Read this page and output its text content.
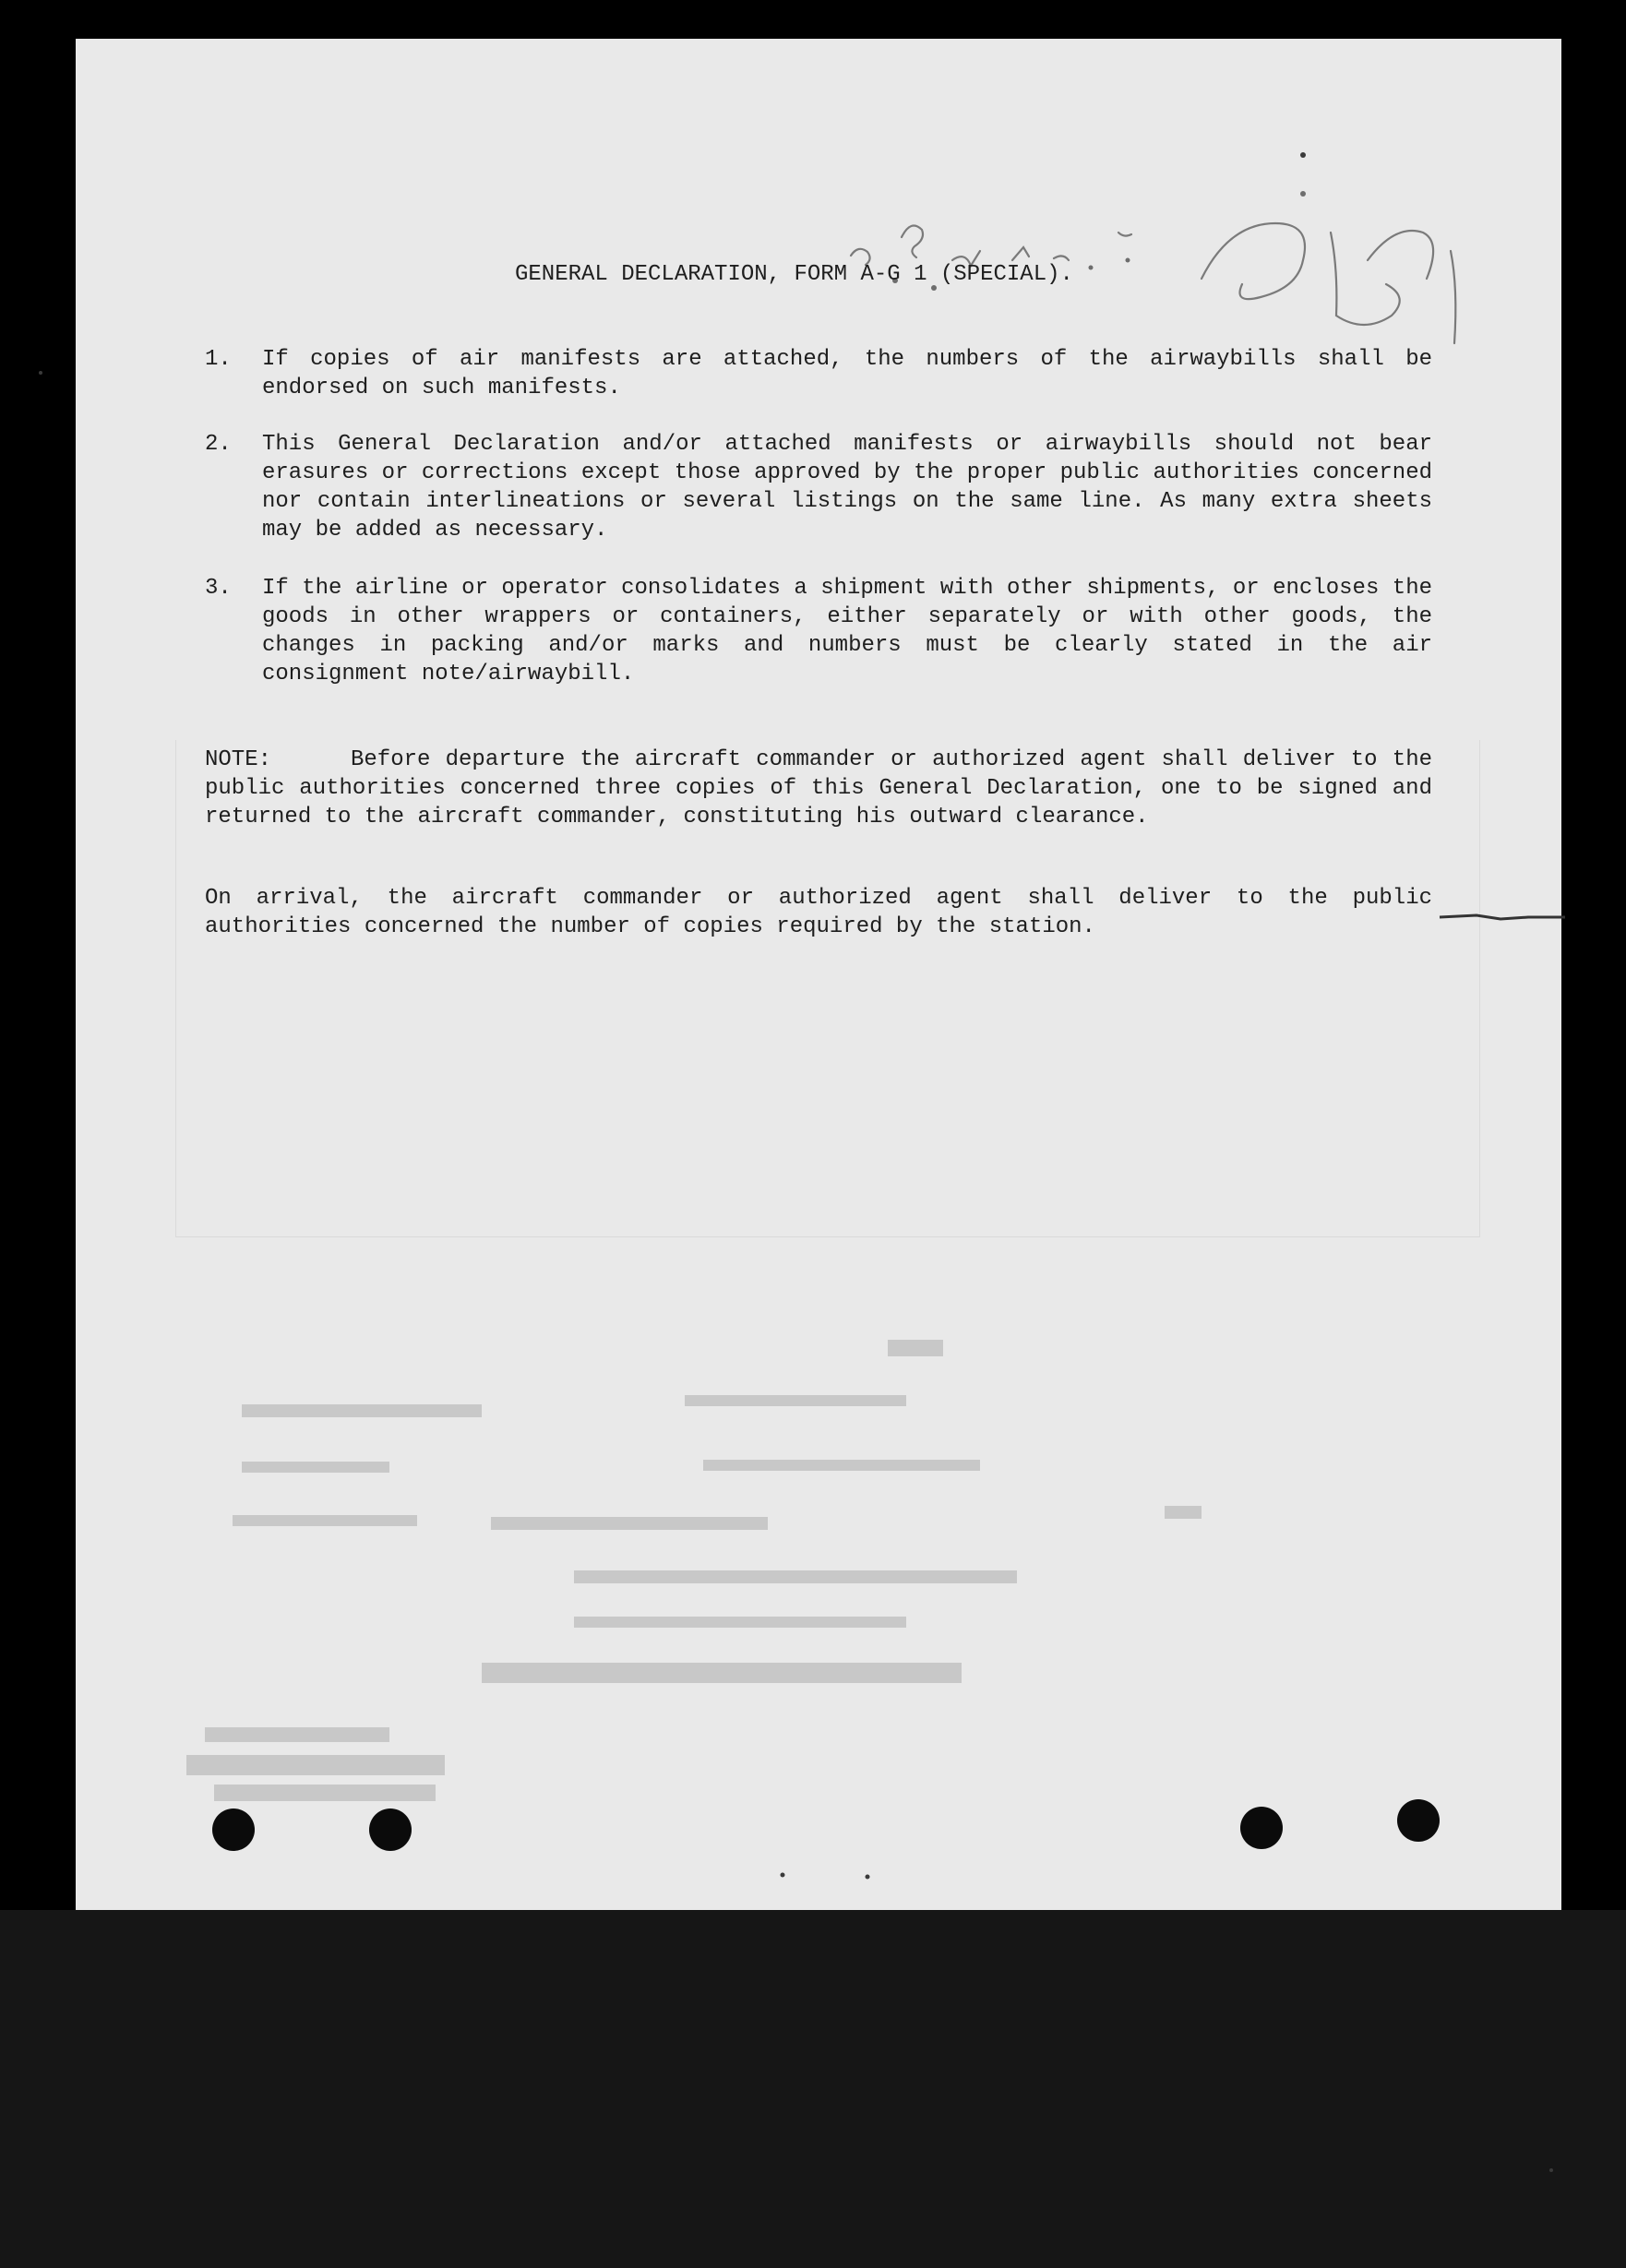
GENERAL DECLARATION, FORM A-G 1 (SPECIAL).
1.	If copies of air manifests are attached, the numbers of the airwaybills shall be endorsed on such manifests.
2.	This General Declaration and/or attached manifests or airwaybills should not bear erasures or corrections except those approved by the proper public authorities concerned nor contain interlineations or several listings on the same line. As many extra sheets may be added as necessary.
3.	If the airline or operator consolidates a shipment with other shipments, or encloses the goods in other wrappers or containers, either separately or with other goods, the changes in packing and/or marks and numbers must be clearly stated in the air consignment note/airwaybill.
NOTE:	Before departure the aircraft commander or authorized agent shall deliver to the public authorities concerned three copies of this General Declaration, one to be signed and returned to the aircraft commander, constituting his outward clearance.
On arrival, the aircraft commander or authorized agent shall deliver to the public authorities concerned the number of copies required by the station.
